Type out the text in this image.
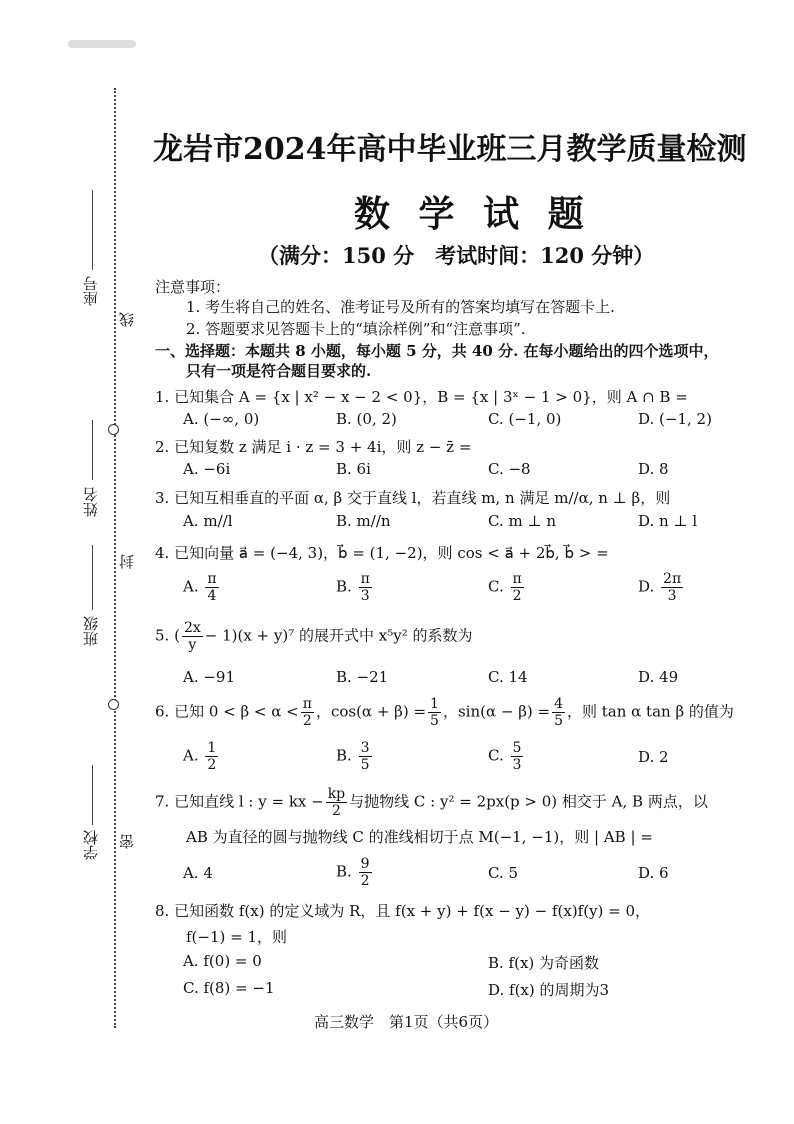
座号
线
姓名
封
班级
学校 密
龙岩市2024年高中毕业班三月教学质量检测
数 学 试 题
（满分：150 分　考试时间：120 分钟）
注意事项：
1. 考生将自己的姓名、准考证号及所有的答案均填写在答题卡上.
2. 答题要求见答题卡上的“填涂样例”和“注意事项”.
一、选择题：本题共 8 小题，每小题 5 分，共 40 分. 在每小题给出的四个选项中，
只有一项是符合题目要求的.
1. 已知集合 A = {x | x² − x − 2 < 0}，B = {x | 3ˣ − 1 > 0}，则 A ∩ B =
A. (−∞, 0)	B. (0, 2)	C. (−1, 0)	D. (−1, 2)
2. 已知复数 z 满足 i · z = 3 + 4i，则 z − z̄ =
A. −6i	B. 6i	C. −8	D. 8
3. 已知互相垂直的平面 α, β 交于直线 l，若直线 m, n 满足 m//α, n ⊥ β，则
A. m//l	B. m//n	C. m ⊥ n	D. n ⊥ l
4. 已知向量 a⃗ = (−4, 3)，b⃗ = (1, −2)，则 cos < a⃗ + 2b⃗, b⃗ > =
A. $\frac{\pi}{4}$	B. $\frac{\pi}{3}$	C. $\frac{\pi}{2}$	D. $\frac{2\pi}{3}$
5. ( $\frac{2x}{y} - 1)(x + y)^7$ 的展开式中 x⁵y² 的系数为
A. −91	B. −21	C. 14	D. 49
6. 已知 $0 < \beta < \alpha < \frac{\pi}{2}$ ，$\cos(\alpha + \beta) = \frac{1}{5}$ ，$\sin(\alpha - \beta) = \frac{4}{5}$ ，则 tan α tan β 的值为
A. $\frac{1}{2}$	B. $\frac{3}{5}$	C. $\frac{5}{3}$	D. 2
7. 已知直线 l : y = kx − $\frac{kp}{2}$ 与抛物线 C : y² = 2px(p > 0) 相交于 A, B 两点，以
AB 为直径的圆与抛物线 C 的准线相切于点 M(−1, −1)，则 | AB | =
A. 4	B. $\frac{9}{2}$	C. 5	D. 6
8. 已知函数 f(x) 的定义域为 R，且 f(x + y) + f(x − y) − f(x)f(y) = 0，
f(−1) = 1，则
A. f(0) = 0	B. f(x) 为奇函数
C. f(8) = −1	D. f(x) 的周期为3
高三数学　第1页（共6页）
